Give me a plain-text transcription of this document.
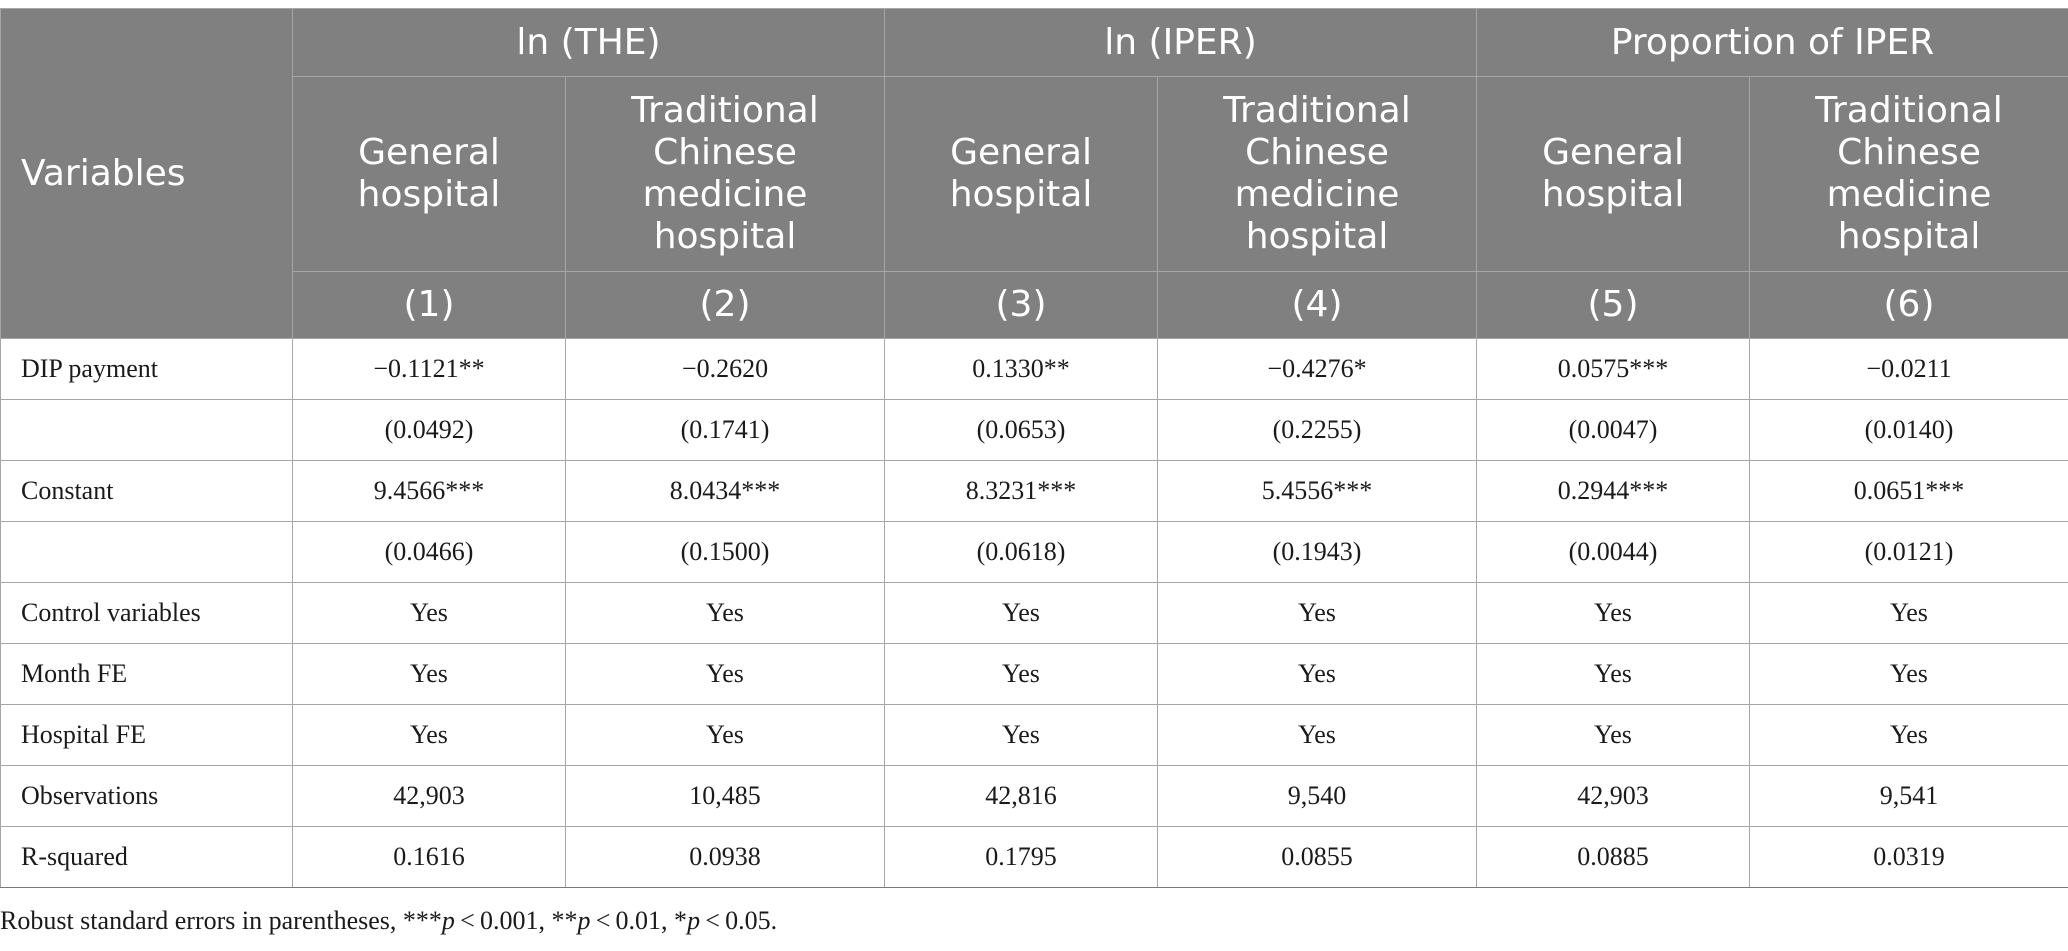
Variables	ln (THE)		ln (IPER)		Proportion of IPER	
	General hospital	Traditional Chinese medicine hospital	General hospital	Traditional Chinese medicine hospital	General hospital	Traditional Chinese medicine hospital
	(1)	(2)	(3)	(4)	(5)	(6)
DIP payment	−0.1121**	−0.2620	0.1330**	−0.4276*	0.0575***	−0.0211
	(0.0492)	(0.1741)	(0.0653)	(0.2255)	(0.0047)	(0.0140)
Constant	9.4566***	8.0434***	8.3231***	5.4556***	0.2944***	0.0651***
	(0.0466)	(0.1500)	(0.0618)	(0.1943)	(0.0044)	(0.0121)
Control variables	Yes	Yes	Yes	Yes	Yes	Yes
Month FE	Yes	Yes	Yes	Yes	Yes	Yes
Hospital FE	Yes	Yes	Yes	Yes	Yes	Yes
Observations	42,903	10,485	42,816	9,540	42,903	9,541
R-squared	0.1616	0.0938	0.1795	0.0855	0.0885	0.0319
Robust standard errors in parentheses, ***p < 0.001, **p < 0.01, *p < 0.05.
